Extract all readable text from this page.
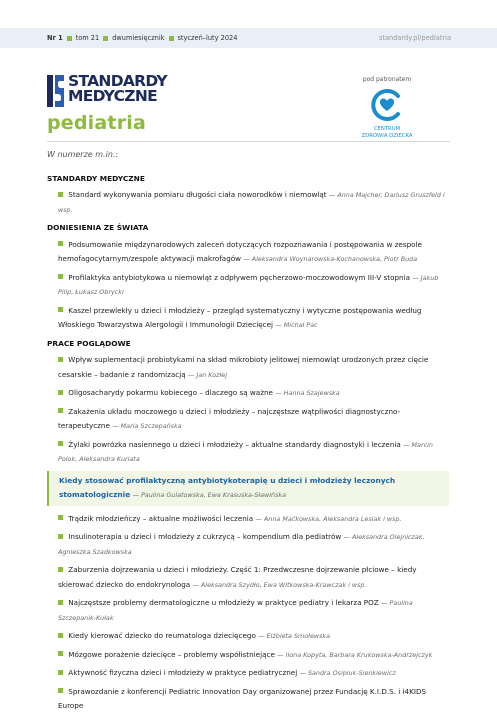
Nr 1 tom 21 dwumiesięcznik styczeń–luty 2024	standardy.pl/pediatria
STANDARDY
MEDYCZNE
pediatria
pod patronatem
CENTRUM
ZDROWIA DZIECKA
W numerze m.in.:
STANDARDY MEDYCZNE
Standard wykonywania pomiaru długości ciała noworodków i niemowląt — Anna Majcher, Dariusz Gruszfeld i wsp.
DONIESIENIA ZE ŚWIATA
Podsumowanie międzynarodowych zaleceń dotyczących rozpoznawania i postępowania w zespole hemofagocytarnym/zespole aktywacji makrofagów — Aleksandra Woynarowska-Kochanowska, Piotr Buda
Profilaktyka antybiotykowa u niemowląt z odpływem pęcherzowo-moczowodowym III-V stopnia — Jakub Pilip, Łukasz Obrycki
Kaszel przewlekły u dzieci i młodzieży – przegląd systematyczny i wytyczne postępowania według Włoskiego Towarzystwa Alergologii i Immunologii Dziecięcej — Michał Pac
PRACE POGLĄDOWE
Wpływ suplementacji probiotykami na skład mikrobioty jelitowej niemowląt urodzonych przez cięcie cesarskie – badanie z randomizacją — Jan Kozłej
Oligosacharydy pokarmu kobiecego – dlaczego są ważne — Hanna Szajewska
Zakażenia układu moczowego u dzieci i młodzieży – najczęstsze wątpliwości diagnostyczno-terapeutyczne — Maria Szczepańska
Żylaki powrózka nasiennego u dzieci i młodzieży – aktualne standardy diagnostyki i leczenia — Marcin Polok, Aleksandra Kuriata
Kiedy stosować profilaktyczną antybiotykoterapię u dzieci i młodzieży leczonych stomatologicznie — Paulina Gulatowska, Ewa Krasuska-Sławińska
Trądzik młodzieńczy – aktualne możliwości leczenia — Anna Maćkowska, Aleksandra Lesiak i wsp.
Insulinoterapia u dzieci i młodzieży z cukrzycą – kompendium dla pediatrów — Aleksandra Olejniczak, Agnieszka Szadkowska
Zaburzenia dojrzewania u dzieci i młodzieży. Część 1: Przedwczesne dojrzewanie płciowe – kiedy skierować dziecko do endokrynologa — Aleksandra Szydło, Ewa Witkowska-Krawczak i wsp.
Najczęstsze problemy dermatologiczne u młodzieży w praktyce pediatry i lekarza POZ — Paulina Szczepanik-Kułak
Kiedy kierować dziecko do reumatologa dziecięcego — Elżbieta Smolewska
Mózgowe porażenie dziecięce – problemy współistniejące — Ilona Kopyta, Barbara Krukowska-Andrzejczyk
Aktywność fizyczna dzieci i młodzieży w praktyce pediatrycznej — Sandra Osipiuk-Sienkiewicz
Sprawozdanie z konferencji Pediatric Innovation Day organizowanej przez Fundację K.I.D.S. i i4KIDS Europe
